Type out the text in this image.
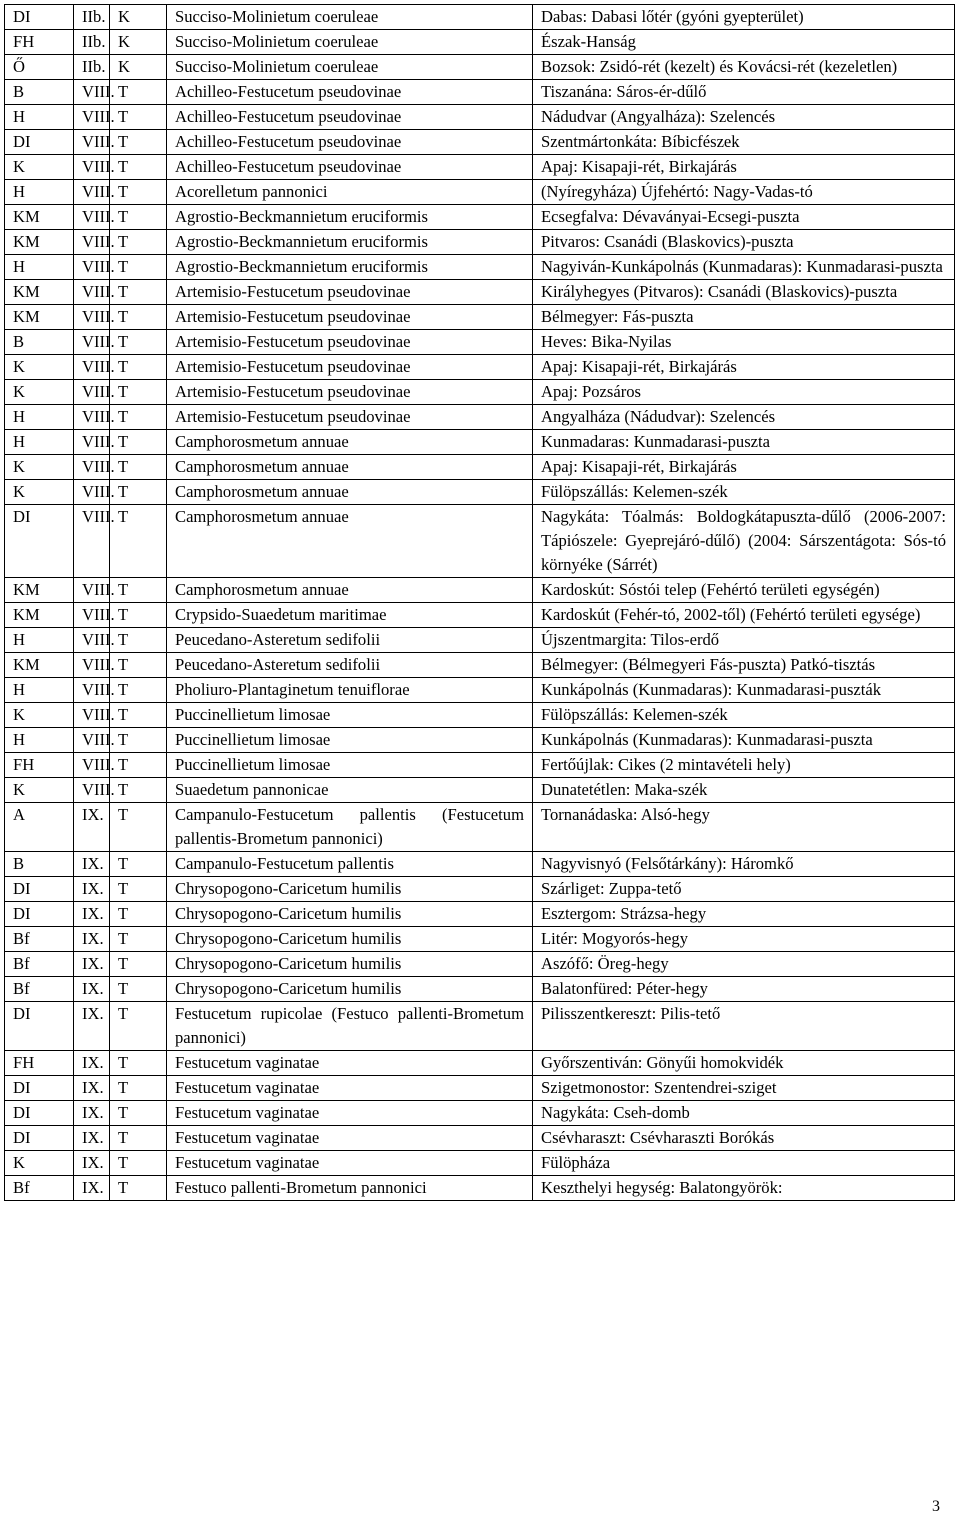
DI	IIb.	K	Succiso-Molinietum coeruleae	Dabas: Dabasi lőtér (gyóni gyepterület)
FH	IIb.	K	Succiso-Molinietum coeruleae	Észak-Hanság
Ő	IIb.	K	Succiso-Molinietum coeruleae	Bozsok: Zsidó-rét (kezelt) és Kovácsi-rét (kezeletlen)
B	VIII.	T	Achilleo-Festucetum pseudovinae	Tiszanána: Sáros-ér-dűlő
H	VIII.	T	Achilleo-Festucetum pseudovinae	Nádudvar (Angyalháza): Szelencés
DI	VIII.	T	Achilleo-Festucetum pseudovinae	Szentmártonkáta: Bíbicfészek
K	VIII.	T	Achilleo-Festucetum pseudovinae	Apaj: Kisapaji-rét, Birkajárás
H	VIII.	T	Acorelletum pannonici	(Nyíregyháza) Újfehértó: Nagy-Vadas-tó
KM	VIII.	T	Agrostio-Beckmannietum eruciformis	Ecsegfalva: Dévaványai-Ecsegi-puszta
KM	VIII.	T	Agrostio-Beckmannietum eruciformis	Pitvaros: Csanádi (Blaskovics)-puszta
H	VIII.	T	Agrostio-Beckmannietum eruciformis	Nagyiván-Kunkápolnás (Kunmadaras): Kunmadarasi-puszta
KM	VIII.	T	Artemisio-Festucetum pseudovinae	Királyhegyes (Pitvaros): Csanádi (Blaskovics)-puszta
KM	VIII.	T	Artemisio-Festucetum pseudovinae	Bélmegyer: Fás-puszta
B	VIII.	T	Artemisio-Festucetum pseudovinae	Heves: Bika-Nyilas
K	VIII.	T	Artemisio-Festucetum pseudovinae	Apaj: Kisapaji-rét, Birkajárás
K	VIII.	T	Artemisio-Festucetum pseudovinae	Apaj: Pozsáros
H	VIII.	T	Artemisio-Festucetum pseudovinae	Angyalháza (Nádudvar): Szelencés
H	VIII.	T	Camphorosmetum annuae	Kunmadaras: Kunmadarasi-puszta
K	VIII.	T	Camphorosmetum annuae	Apaj: Kisapaji-rét, Birkajárás
K	VIII.	T	Camphorosmetum annuae	Fülöpszállás: Kelemen-szék
DI	VIII.	T	Camphorosmetum annuae	Nagykáta: Tóalmás: Boldogkátapuszta-dűlő (2006-2007: Tápiószele: Gyeprejáró-dűlő) (2004: Sárszentágota: Sós-tó környéke (Sárrét)
KM	VIII.	T	Camphorosmetum annuae	Kardoskút: Sóstói telep (Fehértó területi egységén)
KM	VIII.	T	Crypsido-Suaedetum maritimae	Kardoskút (Fehér-tó, 2002-től) (Fehértó területi egysége)
H	VIII.	T	Peucedano-Asteretum sedifolii	Újszentmargita: Tilos-erdő
KM	VIII.	T	Peucedano-Asteretum sedifolii	Bélmegyer: (Bélmegyeri Fás-puszta) Patkó-tisztás
H	VIII.	T	Pholiuro-Plantaginetum tenuiflorae	Kunkápolnás (Kunmadaras): Kunmadarasi-puszták
K	VIII.	T	Puccinellietum limosae	Fülöpszállás: Kelemen-szék
H	VIII.	T	Puccinellietum limosae	Kunkápolnás (Kunmadaras): Kunmadarasi-puszta
FH	VIII.	T	Puccinellietum limosae	Fertőújlak: Cikes (2 mintavételi hely)
K	VIII.	T	Suaedetum pannonicae	Dunatetétlen: Maka-szék
A	IX.	T	Campanulo-Festucetum pallentis (Festucetum pallentis-Brometum pannonici)	Tornanádaska: Alsó-hegy
B	IX.	T	Campanulo-Festucetum pallentis	Nagyvisnyó (Felsőtárkány): Háromkő
DI	IX.	T	Chrysopogono-Caricetum humilis	Szárliget: Zuppa-tető
DI	IX.	T	Chrysopogono-Caricetum humilis	Esztergom: Strázsa-hegy
Bf	IX.	T	Chrysopogono-Caricetum humilis	Litér: Mogyorós-hegy
Bf	IX.	T	Chrysopogono-Caricetum humilis	Aszófő: Öreg-hegy
Bf	IX.	T	Chrysopogono-Caricetum humilis	Balatonfüred: Péter-hegy
DI	IX.	T	Festucetum rupicolae (Festuco pallenti-Brometum pannonici)	Pilisszentkereszt: Pilis-tető
FH	IX.	T	Festucetum vaginatae	Győrszentiván: Gönyűi homokvidék
DI	IX.	T	Festucetum vaginatae	Szigetmonostor: Szentendrei-sziget
DI	IX.	T	Festucetum vaginatae	Nagykáta: Cseh-domb
DI	IX.	T	Festucetum vaginatae	Csévharaszt: Csévharaszti Borókás
K	IX.	T	Festucetum vaginatae	Fülöpháza
Bf	IX.	T	Festuco pallenti-Brometum pannonici	Keszthelyi hegység: Balatongyörök:
3
